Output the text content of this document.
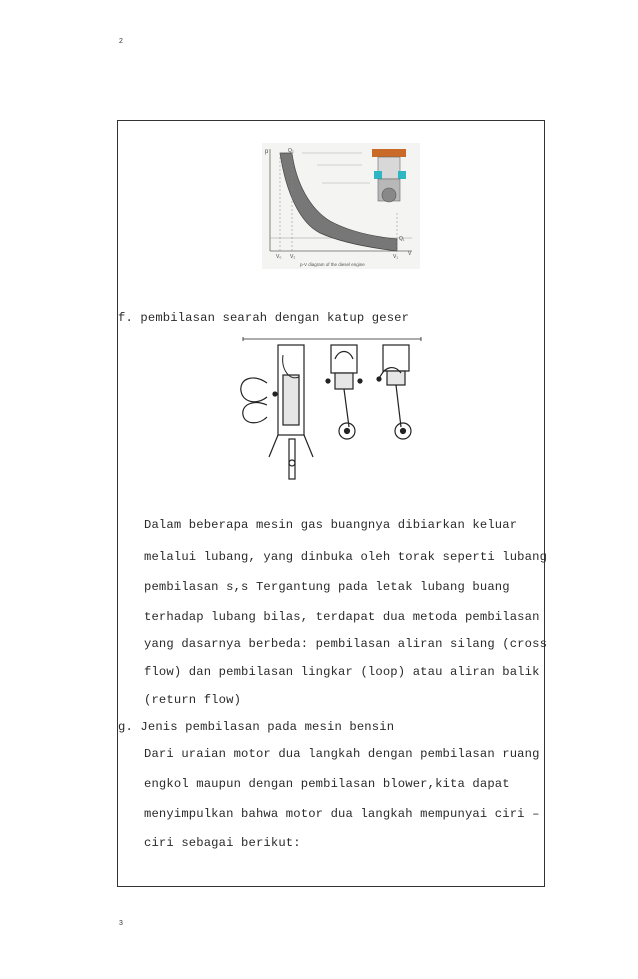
2
p	Q₂
Q₁
V₀ V₂	V₁ V
p-V diagram of the diesel engine
f. pembilasan searah dengan katup geser
Dalam beberapa mesin gas buangnya dibiarkan keluar
melalui lubang, yang dinbuka oleh torak seperti lubang
pembilasan s,s Tergantung pada letak lubang buang
terhadap lubang bilas, terdapat dua metoda pembilasan
yang dasarnya berbeda: pembilasan aliran silang (cross
flow) dan pembilasan lingkar (loop) atau aliran balik
(return flow)
g. Jenis pembilasan pada mesin bensin
Dari uraian motor dua langkah dengan pembilasan ruang
engkol maupun dengan pembilasan blower,kita dapat
menyimpulkan bahwa motor dua langkah mempunyai ciri –
ciri sebagai berikut:
3
